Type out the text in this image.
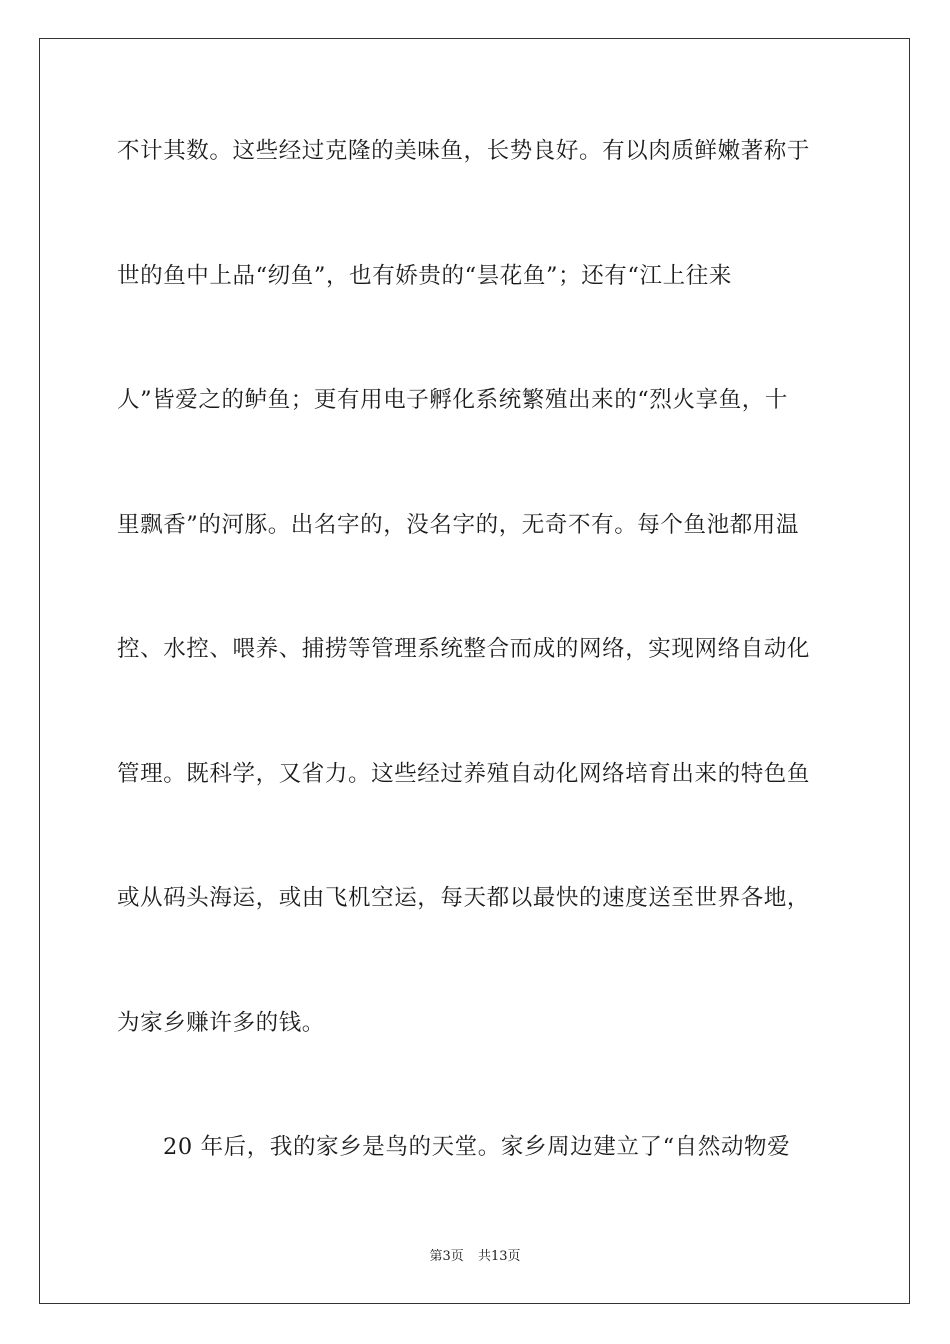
不计其数。这些经过克隆的美味鱼，长势良好。有以肉质鲜嫩著称于
世的鱼中上品“纫鱼”，也有娇贵的“昙花鱼”；还有“江上往来
人”皆爱之的鲈鱼；更有用电子孵化系统繁殖出来的“烈火享鱼，十
里飘香”的河豚。出名字的，没名字的，无奇不有。每个鱼池都用温
控、水控、喂养、捕捞等管理系统整合而成的网络，实现网络自动化
管理。既科学，又省力。这些经过养殖自动化网络培育出来的特色鱼
或从码头海运，或由飞机空运，每天都以最快的速度送至世界各地，
为家乡赚许多的钱。
20 年后，我的家乡是鸟的天堂。家乡周边建立了“自然动物爱
第3页 共13页
